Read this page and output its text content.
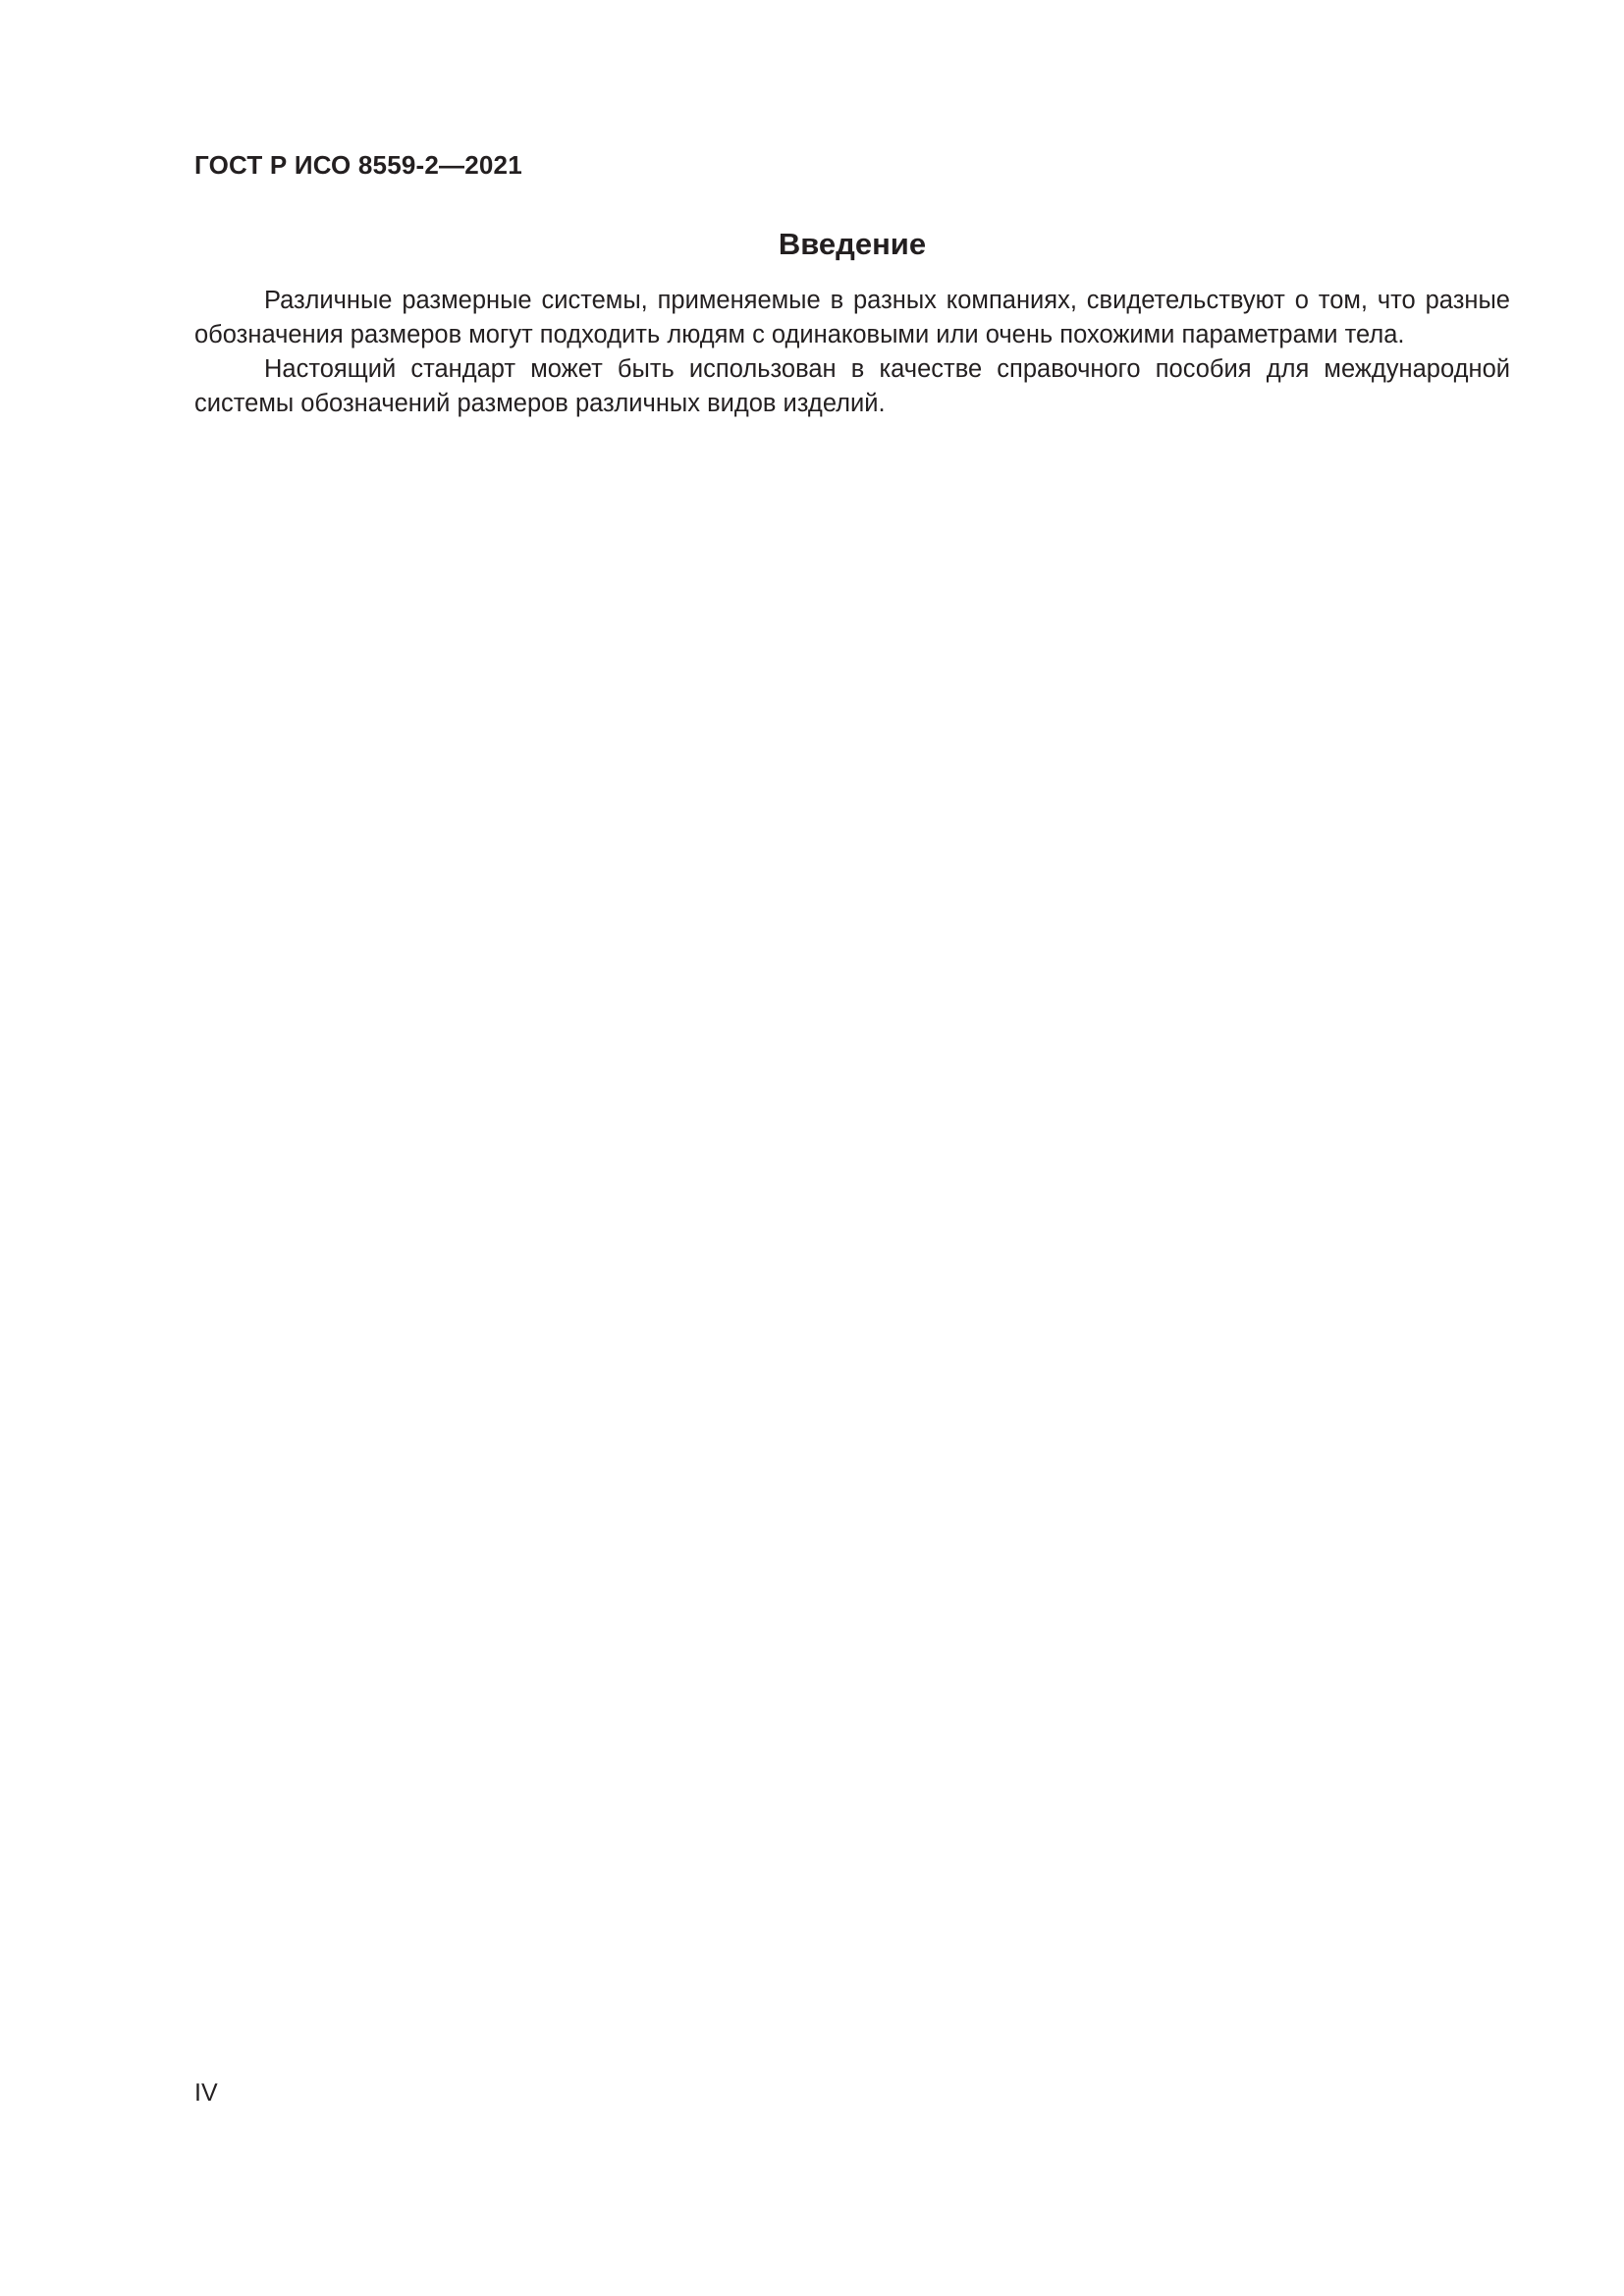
ГОСТ Р ИСО 8559-2—2021
Введение

Различные размерные системы, применяемые в разных компаниях, свидетельствуют о том, что разные обозначения размеров могут подходить людям с одинаковыми или очень похожими параметрами тела.

Настоящий стандарт может быть использован в качестве справочного пособия для международной системы обозначений размеров различных видов изделий.

IV
